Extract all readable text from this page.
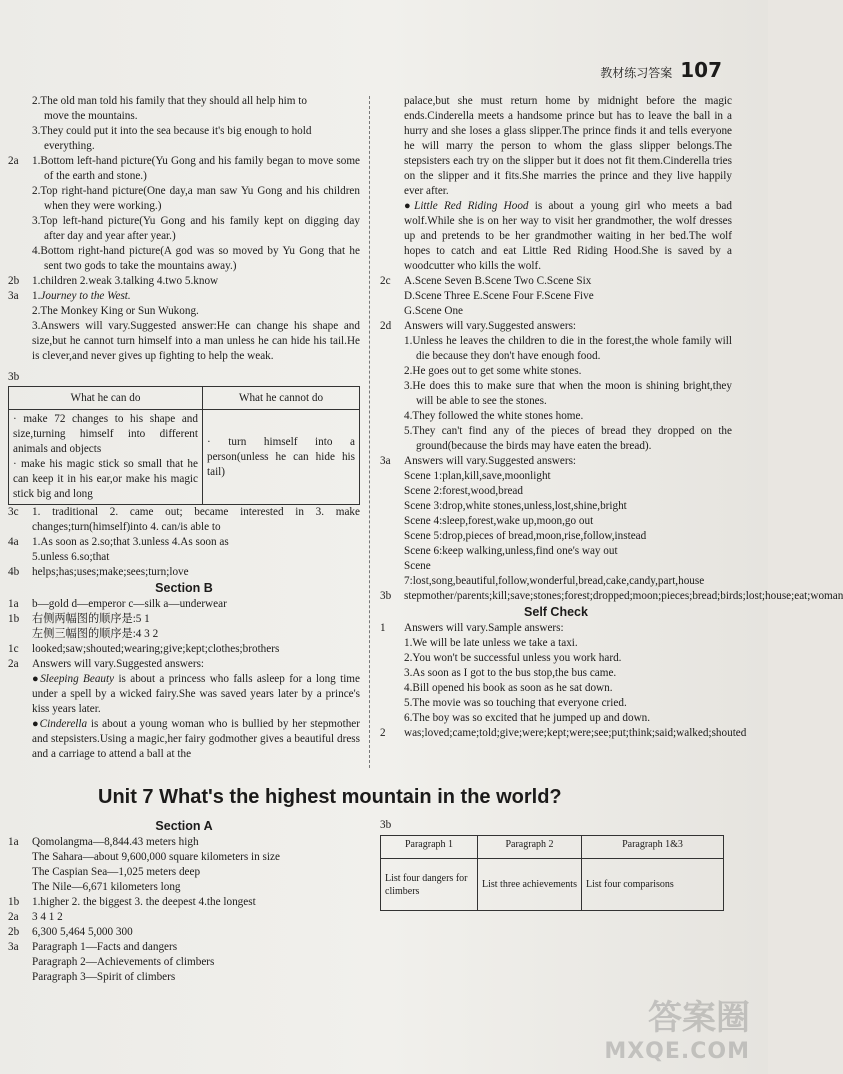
教材练习答案 107
2.The old man told his family that they should all help him to
move the mountains.
3.They could put it into the sea because it's big enough to hold
everything.
2a	1.Bottom left-hand picture(Yu Gong and his family began to move some of the earth and stone.)
2.Top right-hand picture(One day,a man saw Yu Gong and his children when they were working.)
3.Top left-hand picture(Yu Gong and his family kept on digging day after day and year after year.)
4.Bottom right-hand picture(A god was so moved by Yu Gong that he sent two gods to take the mountains away.)
2b	1.children 2.weak 3.talking 4.two 5.know
3a	1.Journey to the West.
2.The Monkey King or Sun Wukong.
3.Answers will vary.Suggested answer:He can change his shape and size,but he cannot turn himself into a man unless he can hide his tail.He is clever,and never gives up fighting to help the weak.
3b
What he can do	What he cannot do
· make 72 changes to his shape and size,turning himself into different animals and objects
· make his magic stick so small that he can keep it in his ear,or make his magic stick big and long	· turn himself into a person(unless he can hide his tail)
3c	1. traditional 2. came out; became interested in 3. make changes;turn(himself)into 4. can/is able to
4a	1.As soon as 2.so;that 3.unless 4.As soon as
5.unless 6.so;that
4b	helps;has;uses;make;sees;turn;love
Section B
1a	b—gold d—emperor c—silk a—underwear
1b	右侧两幅图的顺序是:5 1
左侧三幅图的顺序是:4 3 2
1c	looked;saw;shouted;wearing;give;kept;clothes;brothers
2a	Answers will vary.Suggested answers:
●Sleeping Beauty is about a princess who falls asleep for a long time under a spell by a wicked fairy.She was saved years later by a prince's kiss years later.
●Cinderella is about a young woman who is bullied by her stepmother and stepsisters.Using a magic,her fairy godmother gives a beautiful dress and a carriage to attend a ball at the
palace,but she must return home by midnight before the magic ends.Cinderella meets a handsome prince but has to leave the ball in a hurry and she loses a glass slipper.The prince finds it and tells everyone he will marry the person to whom the glass slipper belongs.The stepsisters each try on the slipper but it does not fit them.Cinderella tries on the slipper and it fits.She marries the prince and they live happily ever after.
●Little Red Riding Hood is about a young girl who meets a bad wolf.While she is on her way to visit her grandmother, the wolf dresses up and pretends to be her grandmother waiting in her bed.The wolf hopes to catch and eat Little Red Riding Hood.She is saved by a woodcutter who kills the wolf.
2c	A.Scene Seven B.Scene Two C.Scene Six
D.Scene Three E.Scene Four F.Scene Five
G.Scene One
2d	Answers will vary.Suggested answers:
1.Unless he leaves the children to die in the forest,the whole family will die because they don't have enough food.
2.He goes out to get some white stones.
3.He does this to make sure that when the moon is shining bright,they will be able to see the stones.
4.They followed the white stones home.
5.They can't find any of the pieces of bread they dropped on the ground(because the birds may have eaten the bread).
3a	Answers will vary.Suggested answers:
Scene 1:plan,kill,save,moonlight
Scene 2:forest,wood,bread
Scene 3:drop,white stones,unless,lost,shine,bright
Scene 4:sleep,forest,wake up,moon,go out
Scene 5:drop,pieces of bread,moon,rise,follow,instead
Scene 6:keep walking,unless,find one's way out
Scene 7:lost,song,beautiful,follow,wonderful,bread,cake,candy,part,house
3b	stepmother/parents;kill;save;stones;forest;dropped;moon;pieces;bread;birds;lost;house;eat;woman
Self Check
1	Answers will vary.Sample answers:
1.We will be late unless we take a taxi.
2.You won't be successful unless you work hard.
3.As soon as I got to the bus stop,the bus came.
4.Bill opened his book as soon as he sat down.
5.The movie was so touching that everyone cried.
6.The boy was so excited that he jumped up and down.
2	was;loved;came;told;give;were;kept;were;see;put;think;said;walked;shouted
Unit 7 What's the highest mountain in the world?
Section A
1a	Qomolangma—8,844.43 meters high
The Sahara—about 9,600,000 square kilometers in size
The Caspian Sea—1,025 meters deep
The Nile—6,671 kilometers long
1b	1.higher 2. the biggest 3. the deepest 4.the longest
2a	3 4 1 2
2b	6,300 5,464 5,000 300
3a	Paragraph 1—Facts and dangers
Paragraph 2—Achievements of climbers
Paragraph 3—Spirit of climbers
3b
Paragraph 1	Paragraph 2	Paragraph 1&3
List four dangers for climbers	List three achievements	List four comparisons
答案圈
MXQE.COM
